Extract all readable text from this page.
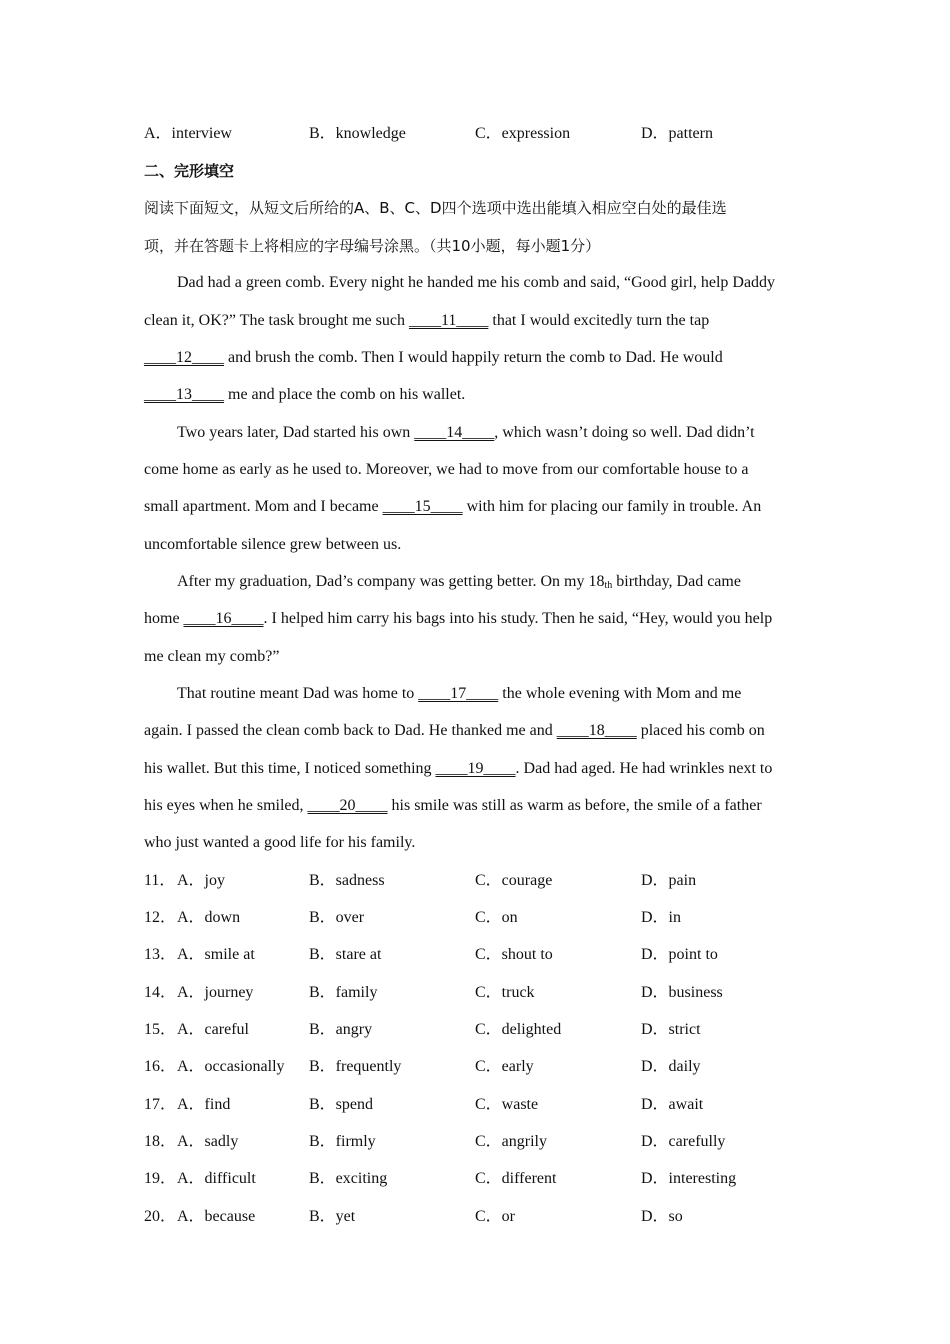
A．interview	B．knowledge	C．expression	D．pattern
二、完形填空
阅读下面短文，从短文后所给的A、B、C、D四个选项中选出能填入相应空白处的最佳选
项，并在答题卡上将相应的字母编号涂黑。（共10小题，每小题1分）
Dad had a green comb. Every night he handed me his comb and said, “Good girl, help Daddy
clean it, OK?” The task brought me such ____11____ that I would excitedly turn the tap
____12____ and brush the comb. Then I would happily return the comb to Dad. He would
____13____ me and place the comb on his wallet.
Two years later, Dad started his own ____14____, which wasn’t doing so well. Dad didn’t
come home as early as he used to. Moreover, we had to move from our comfortable house to a
small apartment. Mom and I became ____15____ with him for placing our family in trouble. An
uncomfortable silence grew between us.
After my graduation, Dad’s company was getting better. On my $18_{th}$ birthday, Dad came
home ____16____. I helped him carry his bags into his study. Then he said, “Hey, would you help
me clean my comb?”
That routine meant Dad was home to ____17____ the whole evening with Mom and me
again. I passed the clean comb back to Dad. He thanked me and ____18____ placed his comb on
his wallet. But this time, I noticed something ____19____. Dad had aged. He had wrinkles next to
his eyes when he smiled, ____20____ his smile was still as warm as before, the smile of a father
who just wanted a good life for his family.
11． A．joy	B．sadness	C．courage	D．pain
12． A．down	B．over	C．on	D．in
13． A．smile at	B．stare at	C．shout to	D．point to
14． A．journey	B．family	C．truck	D．business
15． A．careful	B．angry	C．delighted	D．strict
16． A．occasionally B．frequently	C．early	D．daily
17． A．find	B．spend	C．waste	D．await
18． A．sadly	B．firmly	C．angrily	D．carefully
19． A．difficult	B．exciting	C．different	D．interesting
20． A．because	B．yet	C．or	D．so
